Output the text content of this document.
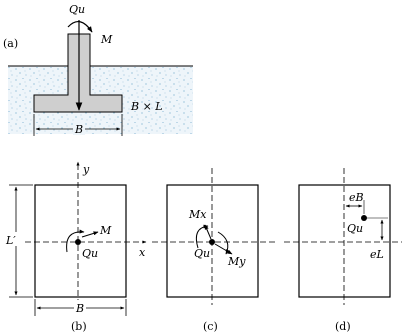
Qu
M
B × L
(a)
B
y
x
M
Qu
L′
B
(b)
Mx
My
Qu
(c)
eB
eL
Qu
(d)
